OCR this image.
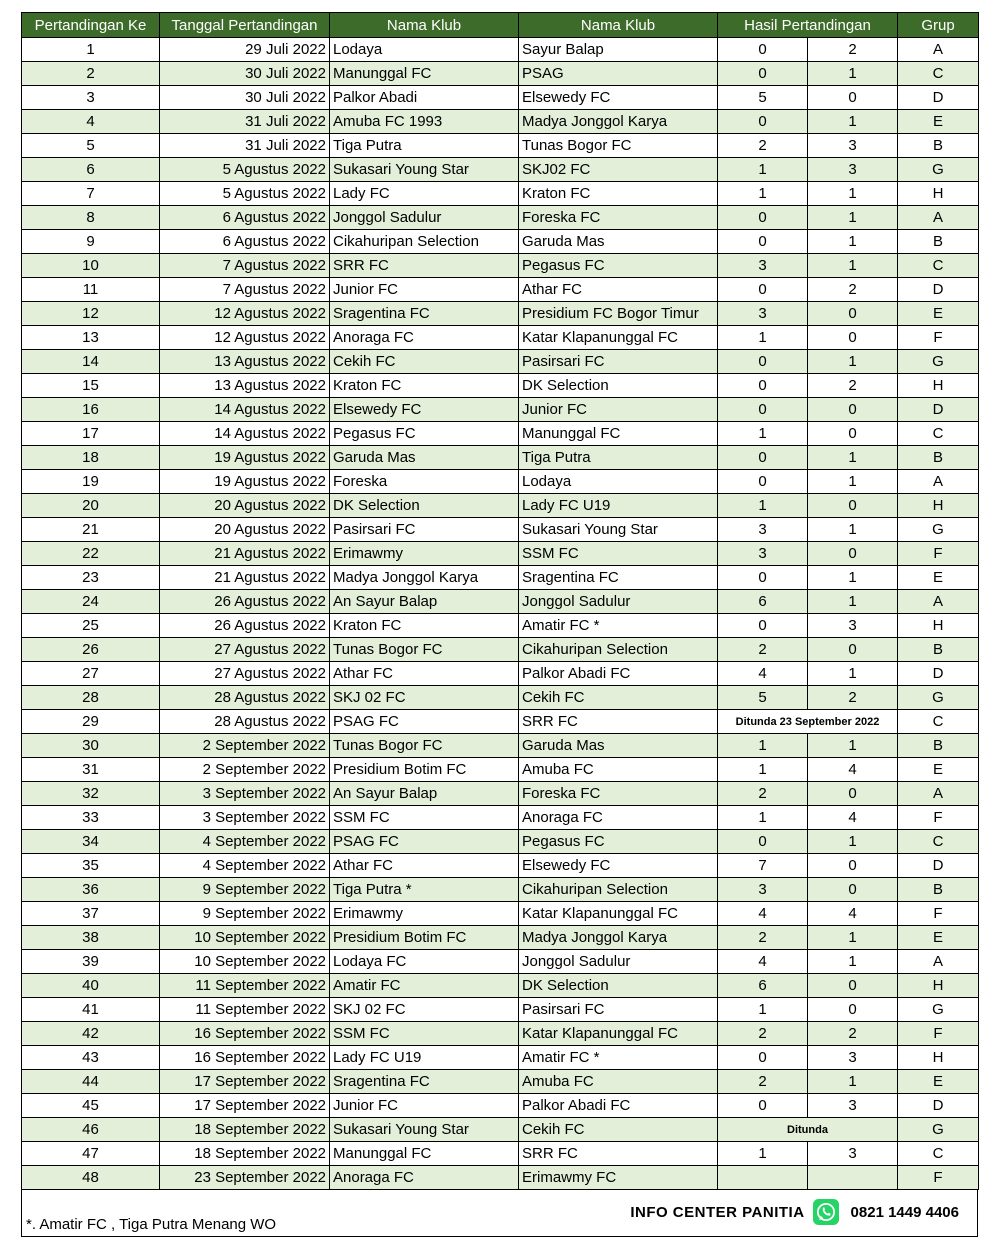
Pertandingan Ke	Tanggal Pertandingan	Nama Klub	Nama Klub	Hasil Pertandingan		Grup
1	29 Juli 2022	Lodaya	Sayur Balap	0	2	A
2	30 Juli 2022	Manunggal FC	PSAG	0	1	C
3	30 Juli 2022	Palkor Abadi	Elsewedy FC	5	0	D
4	31 Juli 2022	Amuba FC 1993	Madya Jonggol Karya	0	1	E
5	31 Juli 2022	Tiga Putra	Tunas Bogor FC	2	3	B
6	5 Agustus 2022	Sukasari Young Star	SKJ02 FC	1	3	G
7	5 Agustus 2022	Lady FC	Kraton FC	1	1	H
8	6 Agustus 2022	Jonggol Sadulur	Foreska FC	0	1	A
9	6 Agustus 2022	Cikahuripan Selection	Garuda Mas	0	1	B
10	7 Agustus 2022	SRR FC	Pegasus FC	3	1	C
11	7 Agustus 2022	Junior FC	Athar FC	0	2	D
12	12 Agustus 2022	Sragentina FC	Presidium FC Bogor Timur	3	0	E
13	12 Agustus 2022	Anoraga FC	Katar Klapanunggal FC	1	0	F
14	13 Agustus 2022	Cekih FC	Pasirsari FC	0	1	G
15	13 Agustus 2022	Kraton FC	DK Selection	0	2	H
16	14 Agustus 2022	Elsewedy FC	Junior FC	0	0	D
17	14 Agustus 2022	Pegasus FC	Manunggal FC	1	0	C
18	19 Agustus 2022	Garuda Mas	Tiga Putra	0	1	B
19	19 Agustus 2022	Foreska	Lodaya	0	1	A
20	20 Agustus 2022	DK Selection	Lady FC U19	1	0	H
21	20 Agustus 2022	Pasirsari FC	Sukasari Young Star	3	1	G
22	21 Agustus 2022	Erimawmy	SSM FC	3	0	F
23	21 Agustus 2022	Madya Jonggol Karya	Sragentina FC	0	1	E
24	26 Agustus 2022	An Sayur Balap	Jonggol Sadulur	6	1	A
25	26 Agustus 2022	Kraton FC	Amatir FC *	0	3	H
26	27 Agustus 2022	Tunas Bogor FC	Cikahuripan Selection	2	0	B
27	27 Agustus 2022	Athar FC	Palkor Abadi FC	4	1	D
28	28 Agustus 2022	SKJ 02 FC	Cekih FC	5	2	G
29	28 Agustus 2022	PSAG FC	SRR FC	Ditunda 23 September 2022		C
30	2 September 2022	Tunas Bogor FC	Garuda Mas	1	1	B
31	2 September 2022	Presidium Botim FC	Amuba FC	1	4	E
32	3 September 2022	An Sayur Balap	Foreska FC	2	0	A
33	3 September 2022	SSM FC	Anoraga FC	1	4	F
34	4 September 2022	PSAG FC	Pegasus FC	0	1	C
35	4 September 2022	Athar FC	Elsewedy FC	7	0	D
36	9 September 2022	Tiga Putra *	Cikahuripan Selection	3	0	B
37	9 September 2022	Erimawmy	Katar Klapanunggal FC	4	4	F
38	10 September 2022	Presidium Botim FC	Madya Jonggol Karya	2	1	E
39	10 September 2022	Lodaya FC	Jonggol Sadulur	4	1	A
40	11 September 2022	Amatir FC	DK Selection	6	0	H
41	11 September 2022	SKJ 02 FC	Pasirsari FC	1	0	G
42	16 September 2022	SSM FC	Katar Klapanunggal FC	2	2	F
43	16 September 2022	Lady FC U19	Amatir FC *	0	3	H
44	17 September 2022	Sragentina FC	Amuba FC	2	1	E
45	17 September 2022	Junior FC	Palkor Abadi FC	0	3	D
46	18 September 2022	Sukasari Young Star	Cekih FC	Ditunda		G
47	18 September 2022	Manunggal FC	SRR FC	1	3	C
48	23 September 2022	Anoraga FC	Erimawmy FC			F
INFO CENTER PANITIA	0821 1449 4406
*. Amatir FC , Tiga Putra Menang WO
